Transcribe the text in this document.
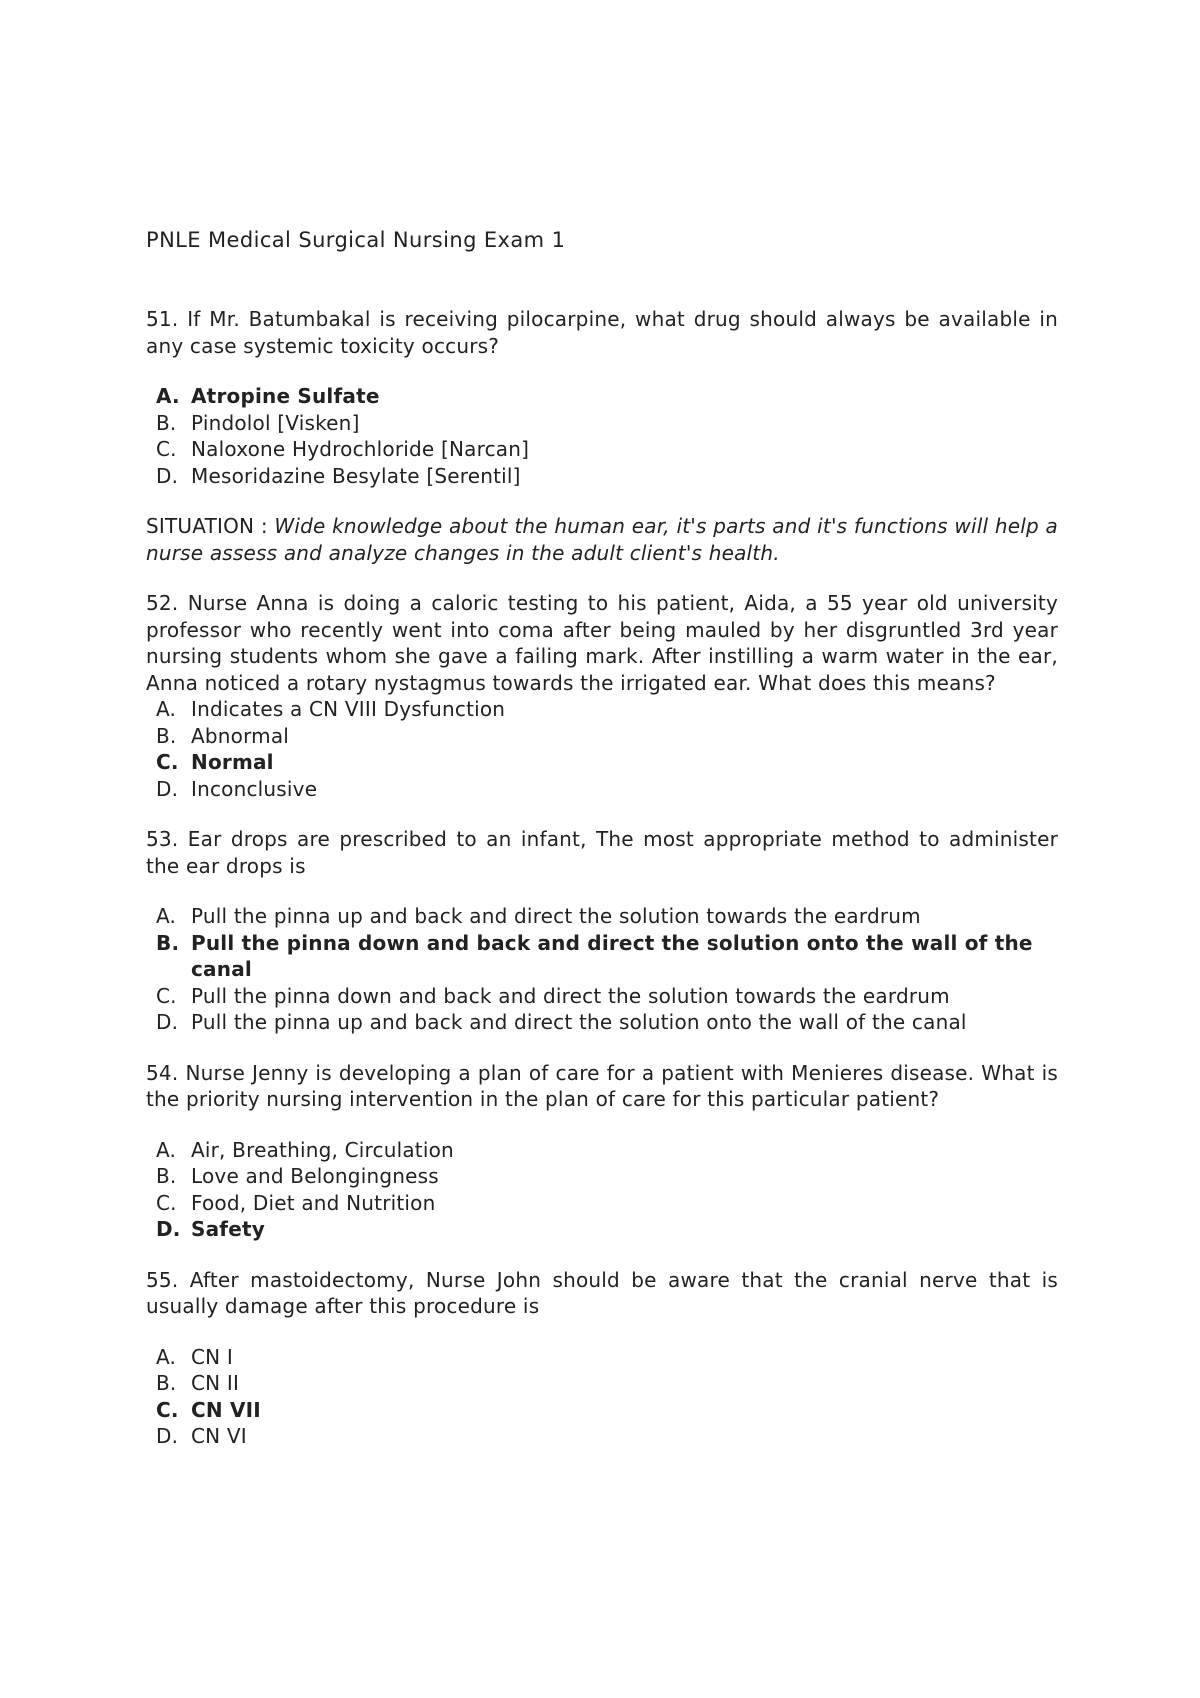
PNLE Medical Surgical Nursing Exam 1

51. If Mr. Batumbakal is receiving pilocarpine, what drug should always be available in any case systemic toxicity occurs?

A. Atropine Sulfate
B. Pindolol [Visken]
C. Naloxone Hydrochloride [Narcan]
D. Mesoridazine Besylate [Serentil]

SITUATION : Wide knowledge about the human ear, it's parts and it's functions will help a nurse assess and analyze changes in the adult client's health.

52. Nurse Anna is doing a caloric testing to his patient, Aida, a 55 year old university professor who recently went into coma after being mauled by her disgruntled 3rd year nursing students whom she gave a failing mark. After instilling a warm water in the ear, Anna noticed a rotary nystagmus towards the irrigated ear. What does this means?

A. Indicates a CN VIII Dysfunction
B. Abnormal
C. Normal
D. Inconclusive

53. Ear drops are prescribed to an infant, The most appropriate method to administer the ear drops is

A. Pull the pinna up and back and direct the solution towards the eardrum
B. Pull the pinna down and back and direct the solution onto the wall of the canal
C. Pull the pinna down and back and direct the solution towards the eardrum
D. Pull the pinna up and back and direct the solution onto the wall of the canal

54. Nurse Jenny is developing a plan of care for a patient with Menieres disease. What is the priority nursing intervention in the plan of care for this particular patient?

A. Air, Breathing, Circulation
B. Love and Belongingness
C. Food, Diet and Nutrition
D. Safety

55. After mastoidectomy, Nurse John should be aware that the cranial nerve that is usually damage after this procedure is

A. CN I
B. CN II
C. CN VII
D. CN VI
